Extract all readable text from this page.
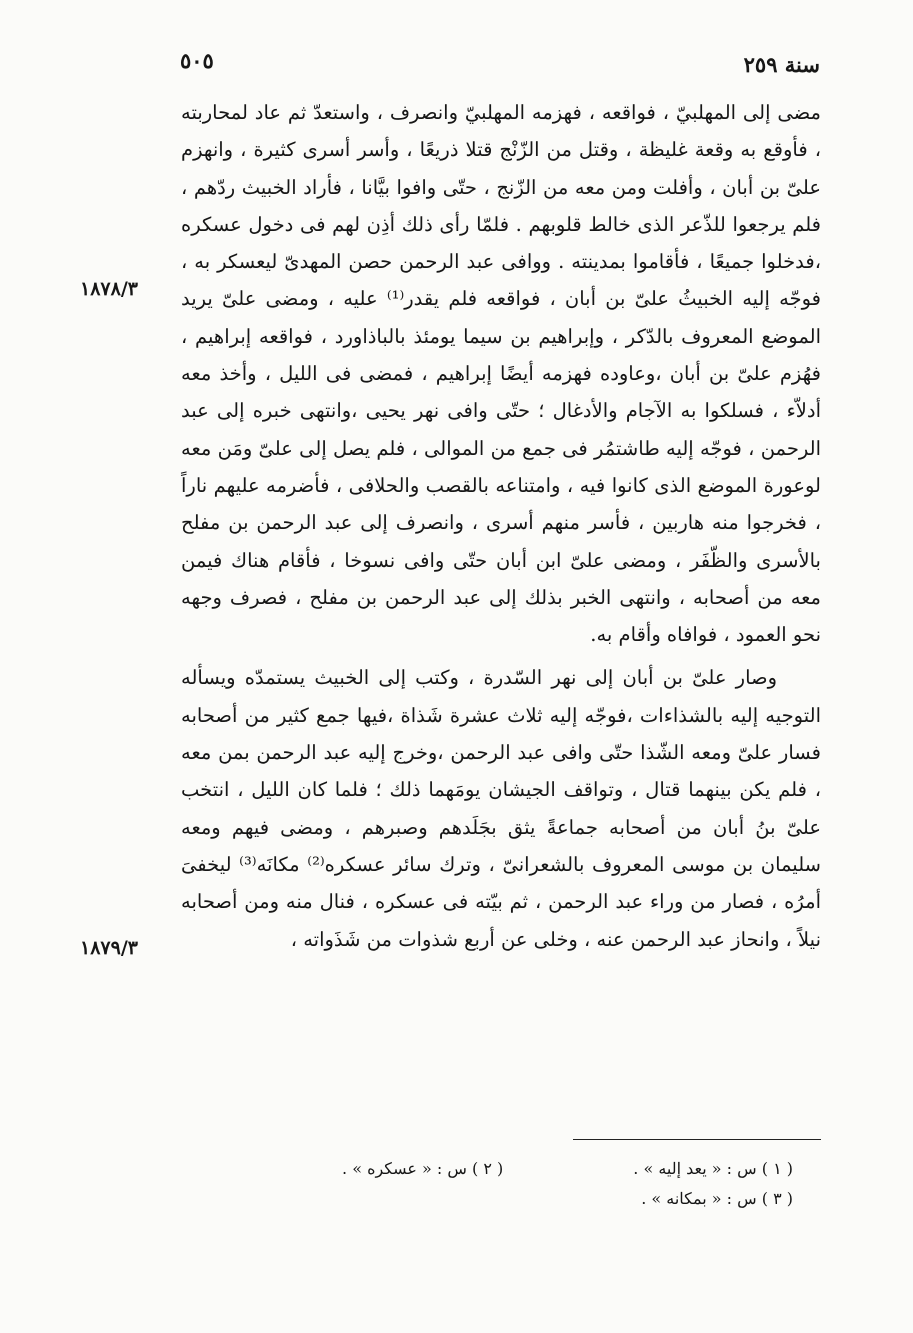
٥٠٥	سنة ٢٥٩
١٨٧٨/٣
١٨٧٩/٣

مضى إلى المهلبيّ ، فواقعه ، فهزمه المهلبيّ وانصرف ، واستعدّ ثم عاد لمحاربته ، فأوقع به وقعة غليظة ، وقتل من الزّنْج قتلا ذريعًا ، وأسر أسرى كثيرة ، وانهزم علىّ بن أبان ، وأفلت ومن معه من الزّنج ، حتّى وافوا بيَّانا ، فأراد الخبيث ردّهم ، فلم يرجعوا للذّعر الذى خالط قلوبهم . فلمّا رأى ذلك أذِن لهم فى دخول عسكره ،فدخلوا جميعًا ، فأقاموا بمدينته . ووافى عبد الرحمن حصن المهدىّ ليعسكر به ، فوجّه إليه الخبيثُ علىّ بن أبان ، فواقعه فلم يقدر⁽¹⁾ عليه ، ومضى علىّ يريد الموضع المعروف بالدّكر ، وإبراهيم بن سيما يومئذ بالباذاورد ، فواقعه إبراهيم ، فهُزم علىّ بن أبان ،وعاوده فهزمه أيضًا إبراهيم ، فمضى فى الليل ، وأخذ معه أدلاّء ، فسلكوا به الآجام والأدغال ؛ حتّى وافى نهر يحيى ،وانتهى خبره إلى عبد الرحمن ، فوجّه إليه طاشتمُر فى جمع من الموالى ، فلم يصل إلى علىّ ومَن معه لوعورة الموضع الذى كانوا فيه ، وامتناعه بالقصب والحلافى ، فأضرمه عليهم ناراً ، فخرجوا منه هاربين ، فأسر منهم أسرى ، وانصرف إلى عبد الرحمن بن مفلح بالأسرى والظّفَر ، ومضى علىّ ابن أبان حتّى وافى نسوخا ، فأقام هناك فيمن معه من أصحابه ، وانتهى الخبر بذلك إلى عبد الرحمن بن مفلح ، فصرف وجهه نحو العمود ، فوافاه وأقام به.

وصار علىّ بن أبان إلى نهر السّدرة ، وكتب إلى الخبيث يستمدّه ويسأله التوجيه إليه بالشذاءات ،فوجّه إليه ثلاث عشرة شَذاة ،فيها جمع كثير من أصحابه فسار علىّ ومعه الشّذا حتّى وافى عبد الرحمن ،وخرج إليه عبد الرحمن بمن معه ، فلم يكن بينهما قتال ، وتواقف الجيشان يومَهما ذلك ؛ فلما كان الليل ، انتخب علىّ بنُ أبان من أصحابه جماعةً يثق بجَلَدهم وصبرهم ، ومضى فيهم ومعه سليمان بن موسى المعروف بالشعرانىّ ، وترك سائر عسكره⁽²⁾ مكانَه⁽³⁾ ليخفىَ أمرُه ، فصار من وراء عبد الرحمن ، ثم بيّته فى عسكره ، فنال منه ومن أصحابه نيلاً ، وانحاز عبد الرحمن عنه ، وخلى عن أربع شذوات من شَذَواته ،

( ١ ) س : « يعد إليه » .
( ٢ ) س : « عسكره » .
( ٣ ) س : « بمكانه » .
